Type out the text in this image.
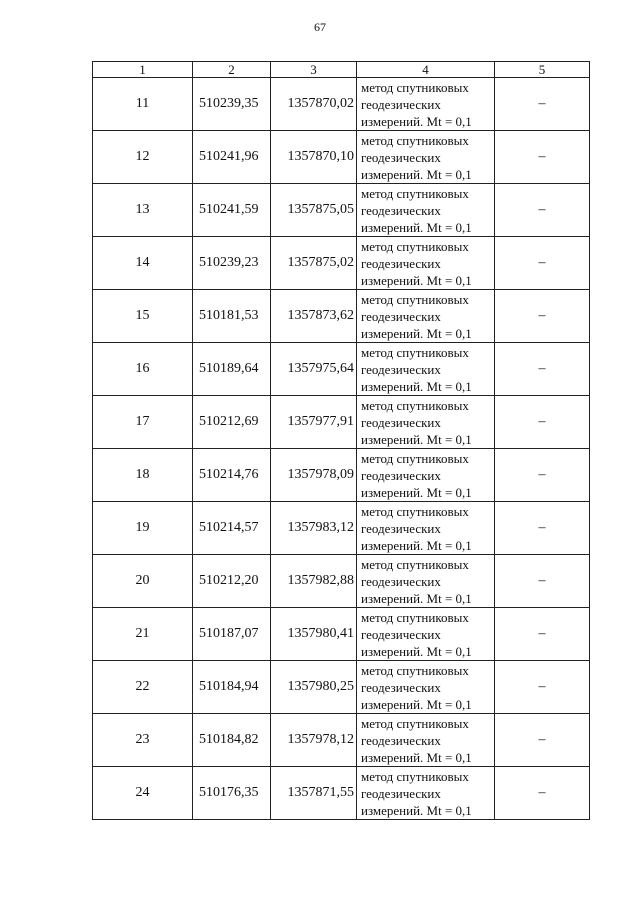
67
1	2	3	4	5
11	510239,35	1357870,02	метод спутниковых
геодезических
измерений. Mt = 0,1	–
12	510241,96	1357870,10	метод спутниковых
геодезических
измерений. Mt = 0,1	–
13	510241,59	1357875,05	метод спутниковых
геодезических
измерений. Mt = 0,1	–
14	510239,23	1357875,02	метод спутниковых
геодезических
измерений. Mt = 0,1	–
15	510181,53	1357873,62	метод спутниковых
геодезических
измерений. Mt = 0,1	–
16	510189,64	1357975,64	метод спутниковых
геодезических
измерений. Mt = 0,1	–
17	510212,69	1357977,91	метод спутниковых
геодезических
измерений. Mt = 0,1	–
18	510214,76	1357978,09	метод спутниковых
геодезических
измерений. Mt = 0,1	–
19	510214,57	1357983,12	метод спутниковых
геодезических
измерений. Mt = 0,1	–
20	510212,20	1357982,88	метод спутниковых
геодезических
измерений. Mt = 0,1	–
21	510187,07	1357980,41	метод спутниковых
геодезических
измерений. Mt = 0,1	–
22	510184,94	1357980,25	метод спутниковых
геодезических
измерений. Mt = 0,1	–
23	510184,82	1357978,12	метод спутниковых
геодезических
измерений. Mt = 0,1	–
24	510176,35	1357871,55	метод спутниковых
геодезических
измерений. Mt = 0,1	–
